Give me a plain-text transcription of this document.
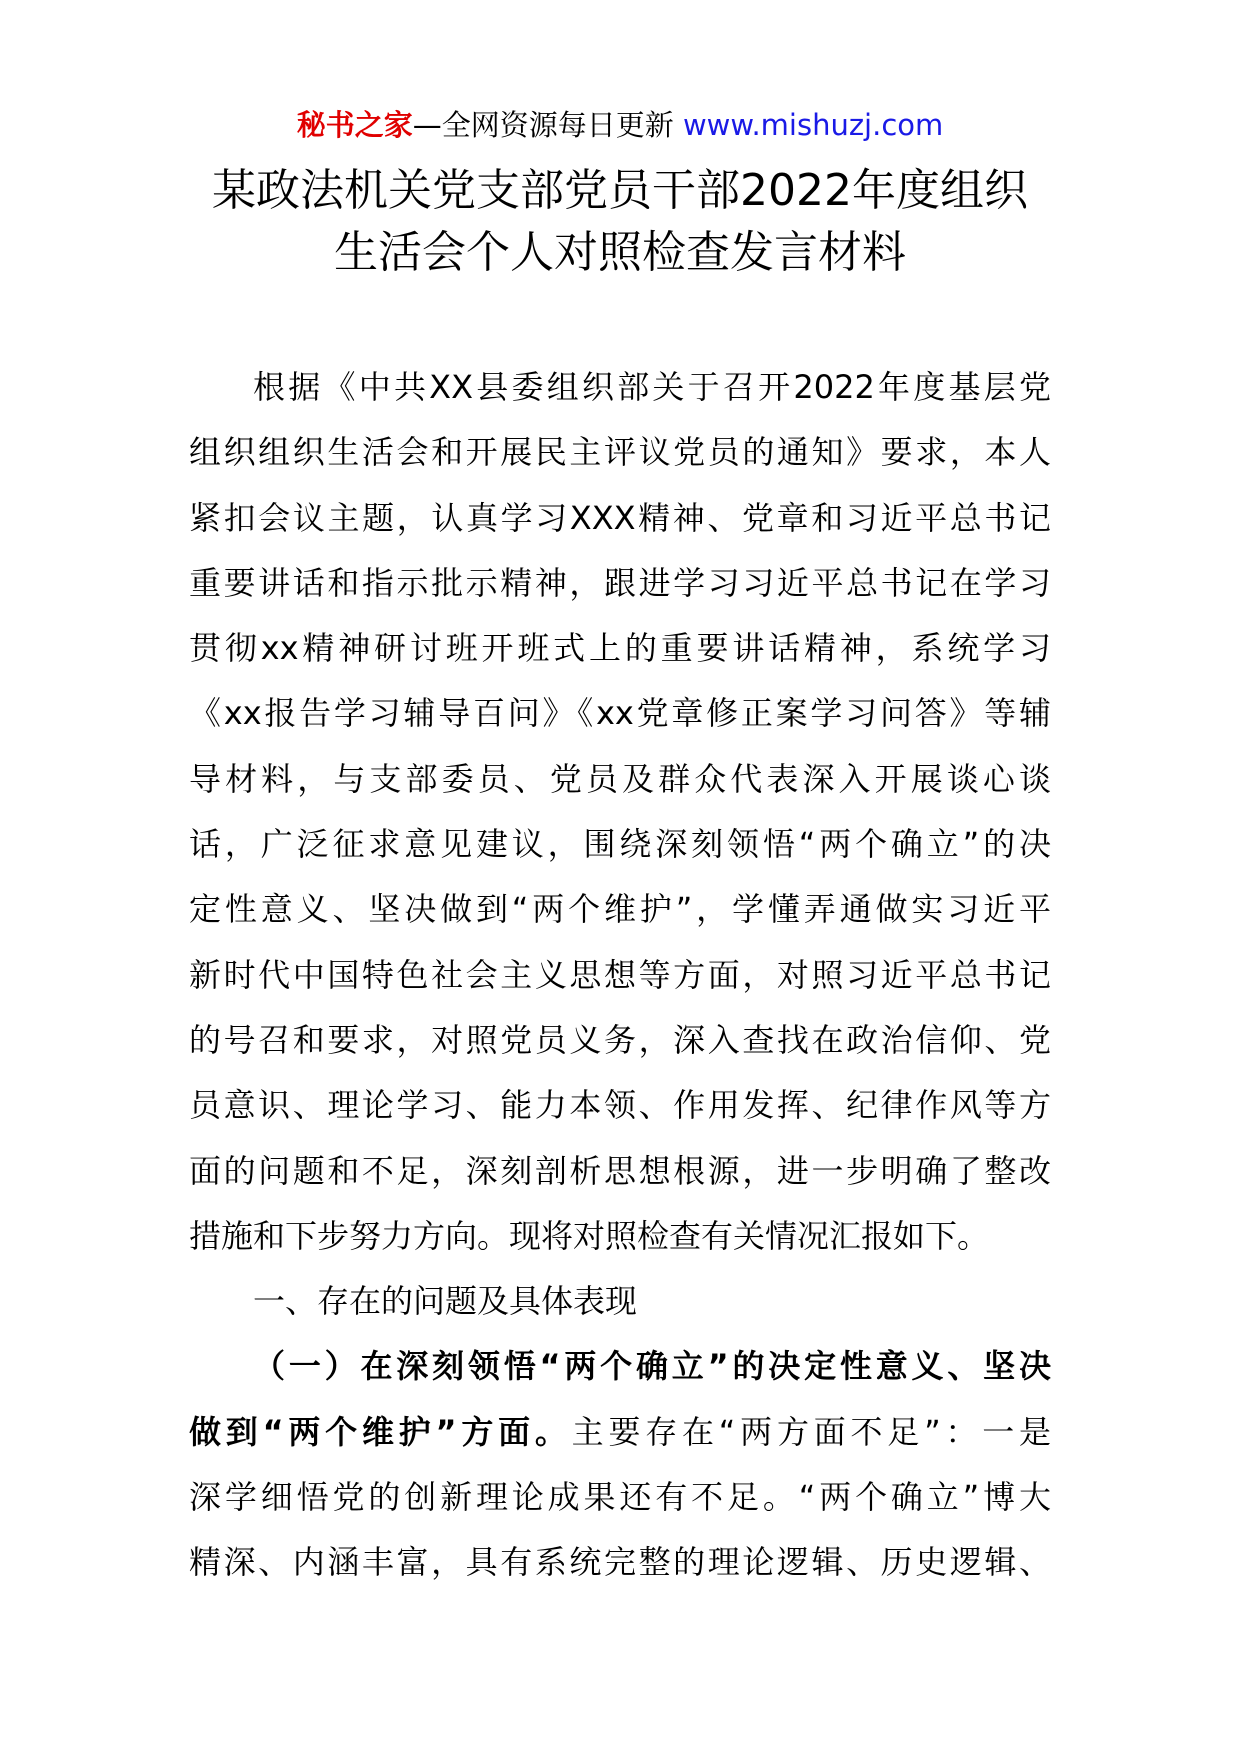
秘书之家—全网资源每日更新 www.mishuzj.com
某政法机关党支部党员干部2022年度组织
生活会个人对照检查发言材料
根据《中共XX县委组织部关于召开2022年度基层党
组织组织生活会和开展民主评议党员的通知》要求，本人
紧扣会议主题，认真学习XXX精神、党章和习近平总书记
重要讲话和指示批示精神，跟进学习习近平总书记在学习
贯彻xx精神研讨班开班式上的重要讲话精神，系统学习
《xx报告学习辅导百问》《xx党章修正案学习问答》等辅
导材料，与支部委员、党员及群众代表深入开展谈心谈
话，广泛征求意见建议，围绕深刻领悟“两个确立”的决
定性意义、坚决做到“两个维护”，学懂弄通做实习近平
新时代中国特色社会主义思想等方面，对照习近平总书记
的号召和要求，对照党员义务，深入查找在政治信仰、党
员意识、理论学习、能力本领、作用发挥、纪律作风等方
面的问题和不足，深刻剖析思想根源，进一步明确了整改
措施和下步努力方向。现将对照检查有关情况汇报如下。
一、存在的问题及具体表现
（一）在深刻领悟“两个确立”的决定性意义、坚决
做到“两个维护”方面。主要存在“两方面不足”：一是
深学细悟党的创新理论成果还有不足。“两个确立”博大
精深、内涵丰富，具有系统完整的理论逻辑、历史逻辑、
